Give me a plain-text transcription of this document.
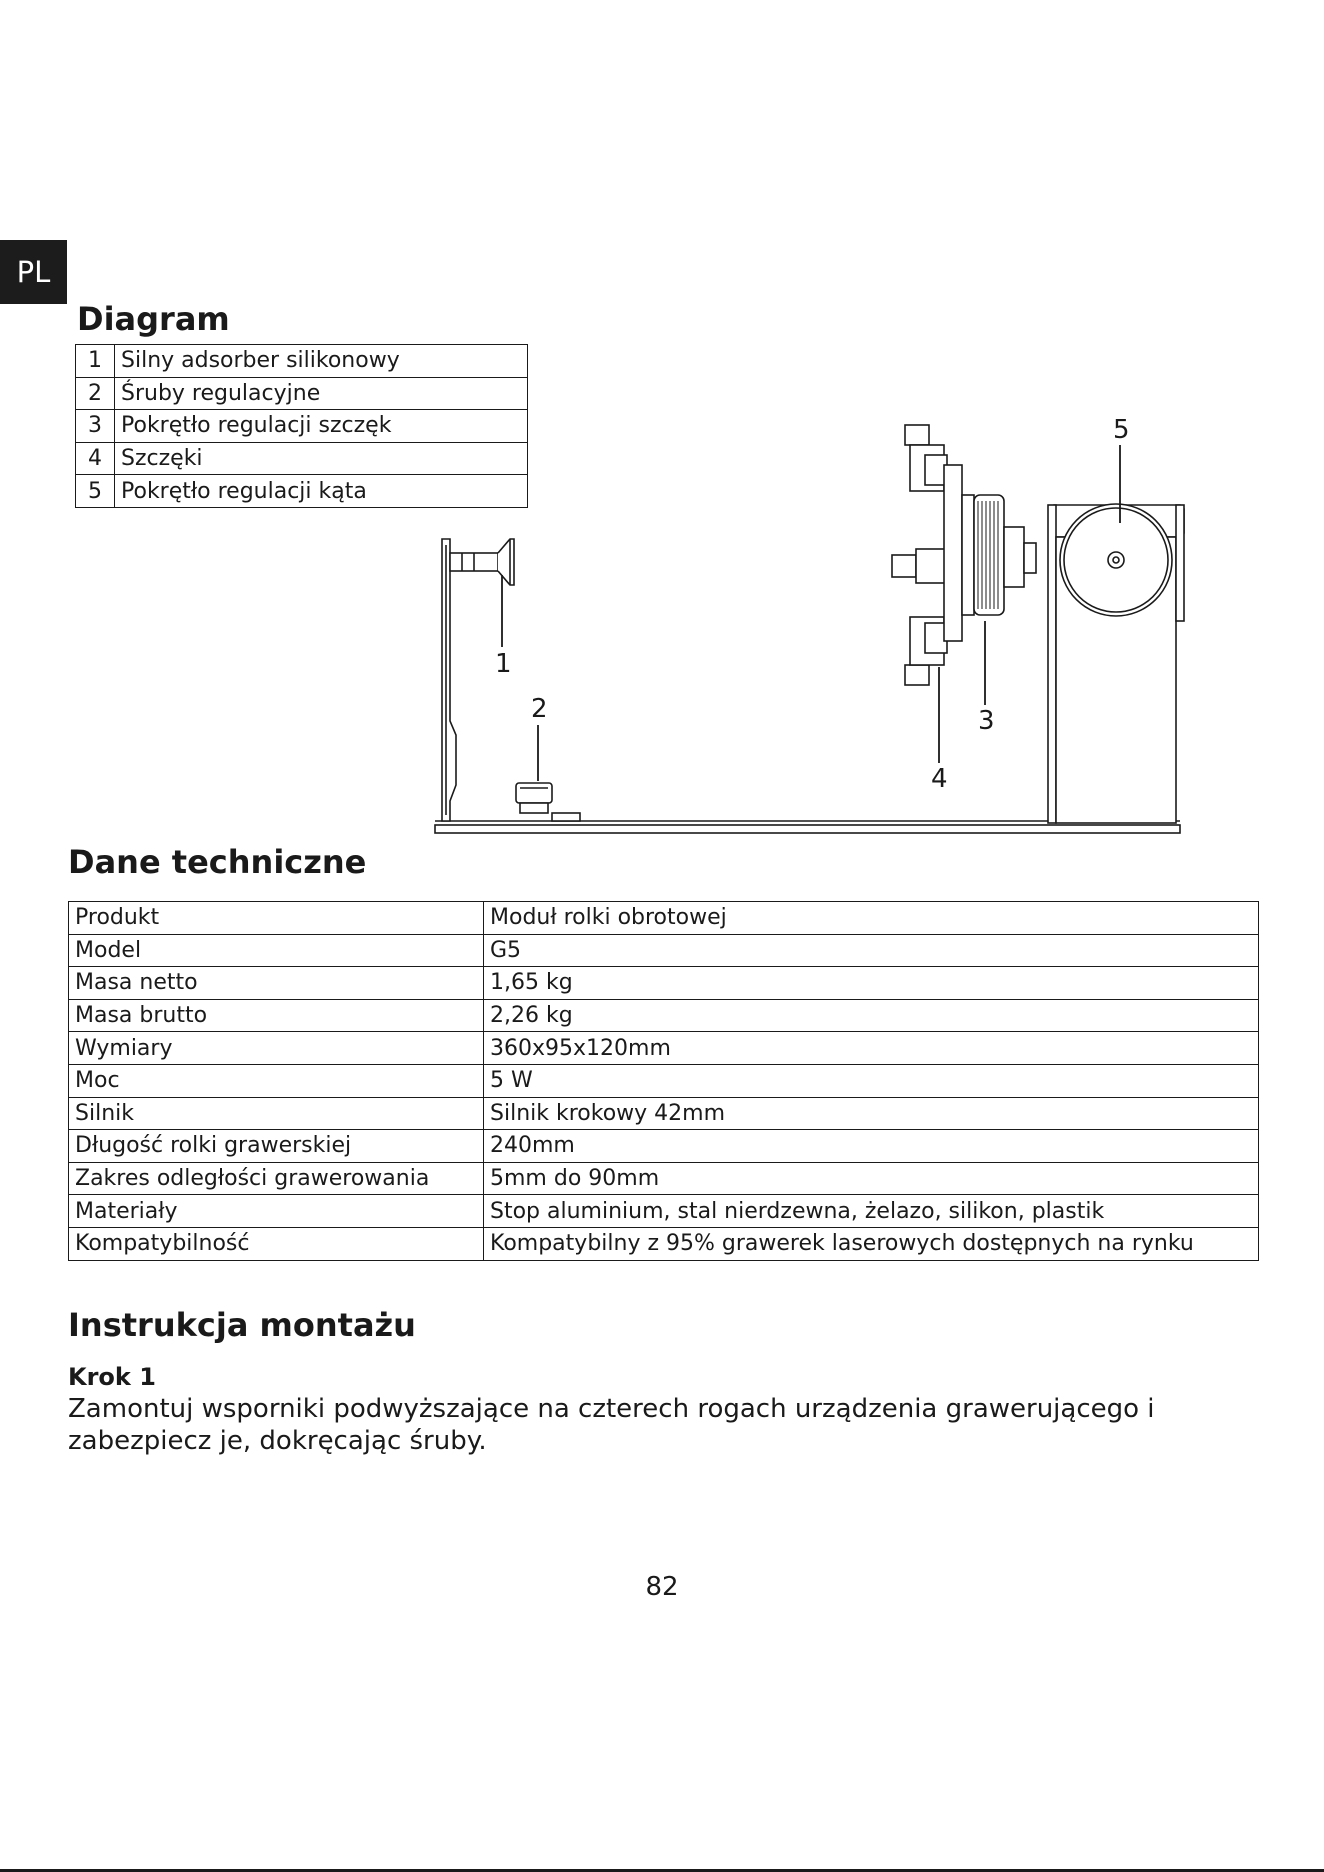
PL
Diagram
1	Silny adsorber silikonowy
2	Śruby regulacyjne
3	Pokrętło regulacji szczęk
4	Szczęki
5	Pokrętło regulacji kąta
1
2	3
4
5
Dane techniczne
Produkt	Moduł rolki obrotowej
Model	G5
Masa netto	1,65 kg
Masa brutto	2,26 kg
Wymiary	360x95x120mm
Moc	5 W
Silnik	Silnik krokowy 42mm
Długość rolki grawerskiej	240mm
Zakres odległości grawerowania	5mm do 90mm
Materiały	Stop aluminium, stal nierdzewna, żelazo, silikon, plastik
Kompatybilność	Kompatybilny z 95% grawerek laserowych dostępnych na rynku
Instrukcja montażu
Krok 1
Zamontuj wsporniki podwyższające na czterech rogach urządzenia grawerującego i zabezpiecz je, dokręcając śruby.
82
